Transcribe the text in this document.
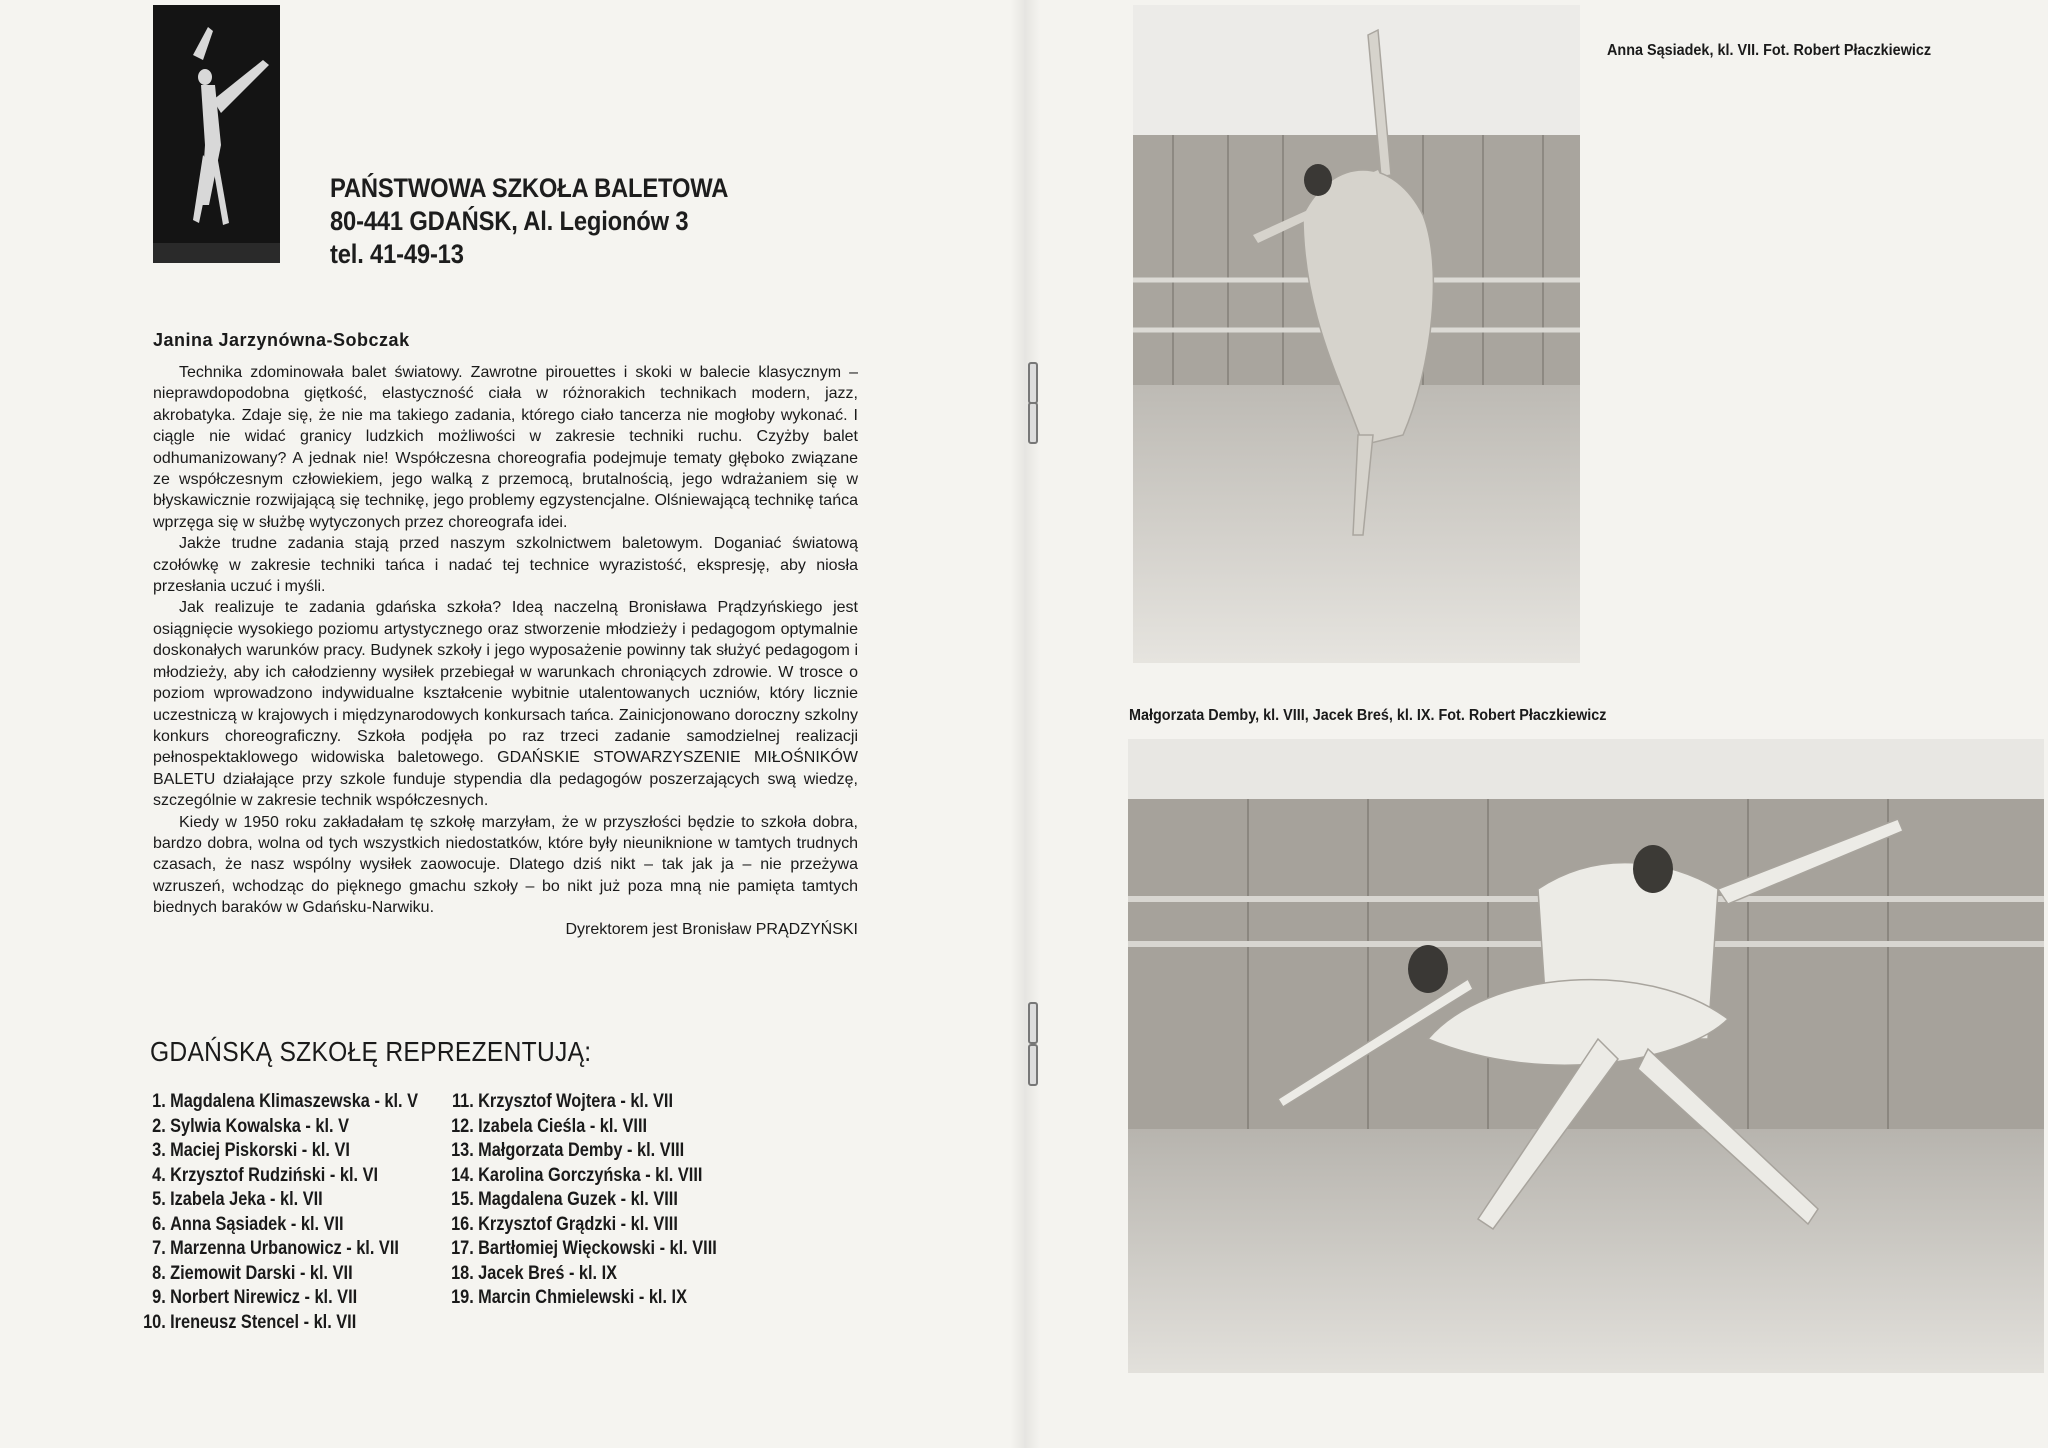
PAŃSTWOWA SZKOŁA BALETOWA
80-441 GDAŃSK, Al. Legionów 3
tel. 41-49-13
Janina Jarzynówna-Sobczak

Technika zdominowała balet światowy. Zawrotne pirouettes i skoki w balecie klasycznym – nieprawdopodobna giętkość, elastyczność ciała w różnorakich technikach modern, jazz, akrobatyka. Zdaje się, że nie ma takiego zadania, którego ciało tancerza nie mogłoby wykonać. I ciągle nie widać granicy ludzkich możliwości w zakresie techniki ruchu. Czyżby balet odhumanizowany? A jednak nie! Współczesna choreografia podejmuje tematy głęboko związane ze współczesnym człowiekiem, jego walką z przemocą, brutalnością, jego wdrażaniem się w błyskawicznie rozwijającą się technikę, jego problemy egzystencjalne. Olśniewającą technikę tańca wprzęga się w służbę wytyczonych przez choreografa idei.

Jakże trudne zadania stają przed naszym szkolnictwem baletowym. Doganiać światową czołówkę w zakresie techniki tańca i nadać tej technice wyrazistość, ekspresję, aby niosła przesłania uczuć i myśli.

Jak realizuje te zadania gdańska szkoła? Ideą naczelną Bronisława Prądzyńskiego jest osiągnięcie wysokiego poziomu artystycznego oraz stworzenie młodzieży i pedagogom optymalnie doskonałych warunków pracy. Budynek szkoły i jego wyposażenie powinny tak służyć pedagogom i młodzieży, aby ich całodzienny wysiłek przebiegał w warunkach chroniących zdrowie. W trosce o poziom wprowadzono indywidualne kształcenie wybitnie utalentowanych uczniów, który licznie uczestniczą w krajowych i międzynarodowych konkursach tańca. Zainicjonowano doroczny szkolny konkurs choreograficzny. Szkoła podjęła po raz trzeci zadanie samodzielnej realizacji pełnospektaklowego widowiska baletowego. GDAŃSKIE STOWARZYSZENIE MIŁOŚNIKÓW BALETU działające przy szkole funduje stypendia dla pedagogów poszerzających swą wiedzę, szczególnie w zakresie technik współczesnych.

Kiedy w 1950 roku zakładałam tę szkołę marzyłam, że w przyszłości będzie to szkoła dobra, bardzo dobra, wolna od tych wszystkich niedostatków, które były nieuniknione w tamtych trudnych czasach, że nasz wspólny wysiłek zaowocuje. Dlatego dziś nikt – tak jak ja – nie przeżywa wzruszeń, wchodząc do pięknego gmachu szkoły – bo nikt już poza mną nie pamięta tamtych biednych baraków w Gdańsku-Narwiku.

Dyrektorem jest Bronisław PRĄDZYŃSKI

GDAŃSKĄ SZKOŁĘ REPREZENTUJĄ:
1. Magdalena Klimaszewska - kl. V
2. Sylwia Kowalska - kl. V
3. Maciej Piskorski - kl. VI
4. Krzysztof Rudziński - kl. VI
5. Izabela Jeka - kl. VII
6. Anna Sąsiadek - kl. VII
7. Marzenna Urbanowicz - kl. VII
8. Ziemowit Darski - kl. VII
9. Norbert Nirewicz - kl. VII
10. Ireneusz Stencel - kl. VII
11. Krzysztof Wojtera - kl. VII
12. Izabela Cieśla - kl. VIII
13. Małgorzata Demby - kl. VIII
14. Karolina Gorczyńska - kl. VIII
15. Magdalena Guzek - kl. VIII
16. Krzysztof Grądzki - kl. VIII
17. Bartłomiej Więckowski - kl. VIII
18. Jacek Breś - kl. IX
19. Marcin Chmielewski - kl. IX
Anna Sąsiadek, kl. VII. Fot. Robert Płaczkiewicz
Małgorzata Demby, kl. VIII, Jacek Breś, kl. IX. Fot. Robert Płaczkiewicz
